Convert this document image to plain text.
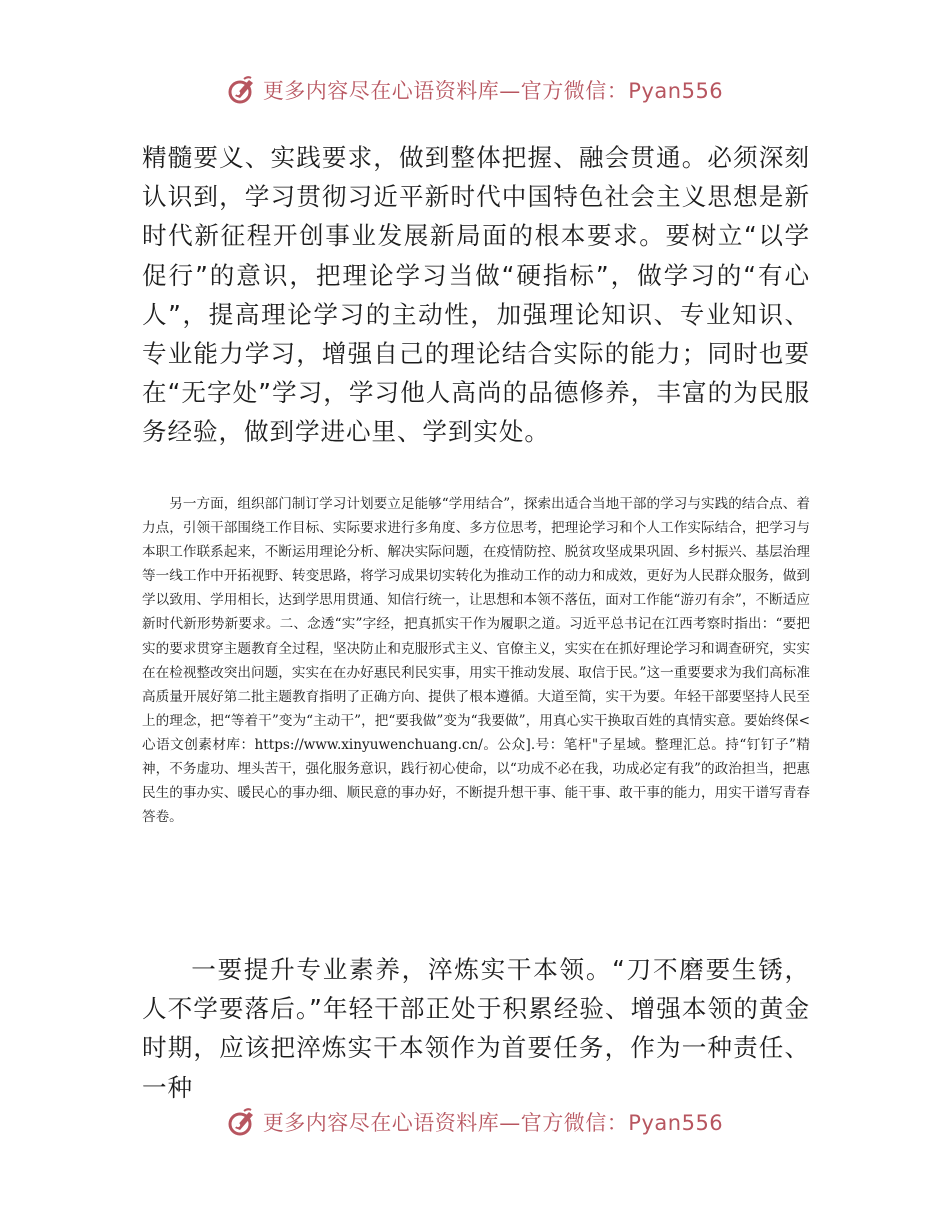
更多内容尽在心语资料库—官方微信：Pyan556

精髓要义、实践要求，做到整体把握、融会贯通。必须深刻认识到，学习贯彻习近平新时代中国特色社会主义思想是新时代新征程开创事业发展新局面的根本要求。要树立“以学促行”的意识，把理论学习当做“硬指标”，做学习的“有心人”，提高理论学习的主动性，加强理论知识、专业知识、专业能力学习，增强自己的理论结合实际的能力；同时也要在“无字处”学习，学习他人高尚的品德修养，丰富的为民服务经验，做到学进心里、学到实处。

另一方面，组织部门制订学习计划要立足能够“学用结合”，探索出适合当地干部的学习与实践的结合点、着力点，引领干部围绕工作目标、实际要求进行多角度、多方位思考，把理论学习和个人工作实际结合，把学习与本职工作联系起来，不断运用理论分析、解决实际问题，在疫情防控、脱贫攻坚成果巩固、乡村振兴、基层治理等一线工作中开拓视野、转变思路，将学习成果切实转化为推动工作的动力和成效，更好为人民群众服务，做到学以致用、学用相长，达到学思用贯通、知信行统一，让思想和本领不落伍，面对工作能“游刃有余”，不断适应新时代新形势新要求。二、念透“实”字经，把真抓实干作为履职之道。习近平总书记在江西考察时指出：“要把实的要求贯穿主题教育全过程，坚决防止和克服形式主义、官僚主义，实实在在抓好理论学习和调查研究，实实在在检视整改突出问题，实实在在办好惠民利民实事，用实干推动发展、取信于民。”这一重要要求为我们高标准高质量开展好第二批主题教育指明了正确方向、提供了根本遵循。大道至简，实干为要。年轻干部要坚持人民至上的理念，把“等着干”变为“主动干”，把“要我做”变为“我要做”，用真心实干换取百姓的真情实意。要始终保<心语文创素材库：https://www.xinyuwenchuang.cn/。公众].号：笔杆"子星域。整理汇总。持“钉钉子”精神，不务虚功、埋头苦干，强化服务意识，践行初心使命，以“功成不必在我，功成必定有我”的政治担当，把惠民生的事办实、暖民心的事办细、顺民意的事办好，不断提升想干事、能干事、敢干事的能力，用实干谱写青春答卷。

一要提升专业素养，淬炼实干本领。“刀不磨要生锈，人不学要落后。”年轻干部正处于积累经验、增强本领的黄金时期，应该把淬炼实干本领作为首要任务，作为一种责任、一种

更多内容尽在心语资料库—官方微信：Pyan556
